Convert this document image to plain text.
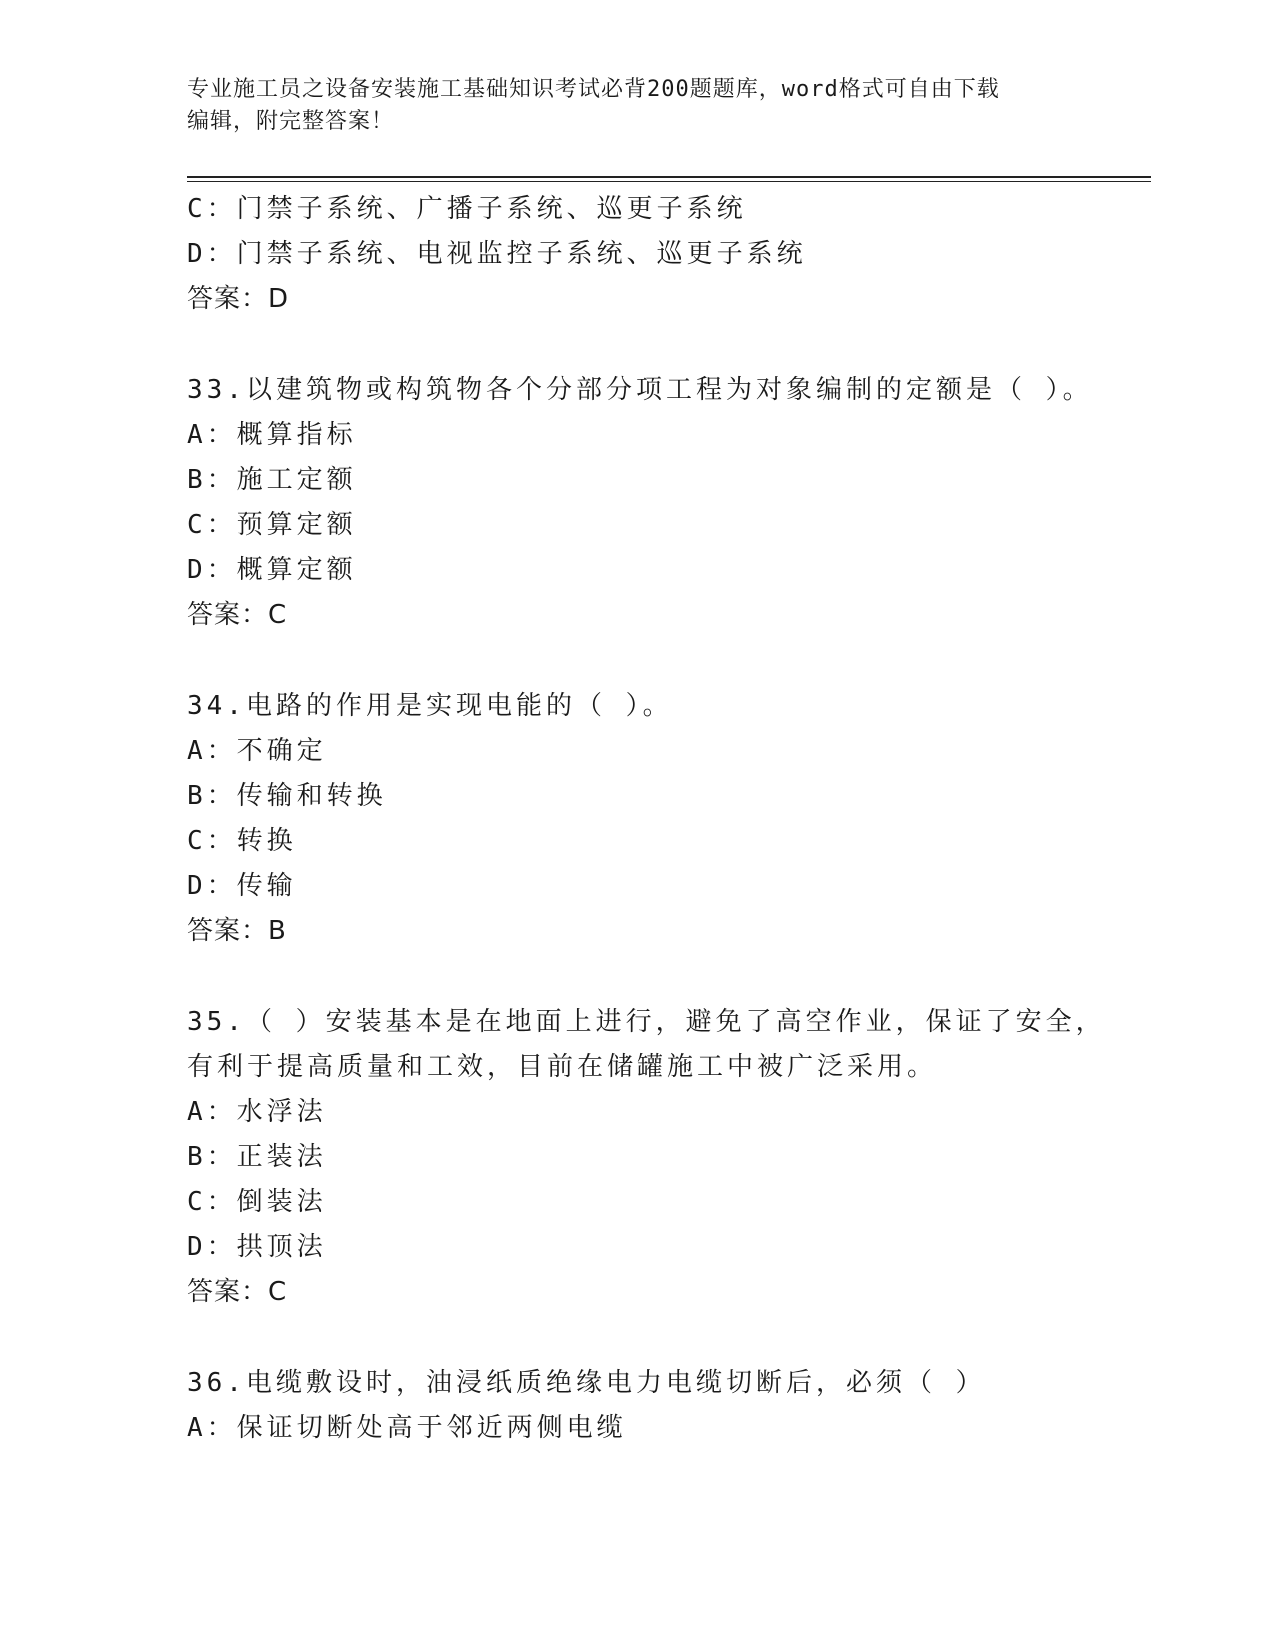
专业施工员之设备安装施工基础知识考试必背200题题库，word格式可自由下载
编辑，附完整答案！
C：门禁子系统、广播子系统、巡更子系统
D：门禁子系统、电视监控子系统、巡更子系统
答案：D
33.以建筑物或构筑物各个分部分项工程为对象编制的定额是（ ）。
A：概算指标
B：施工定额
C：预算定额
D：概算定额
答案：C
34.电路的作用是实现电能的（ ）。
A：不确定
B：传输和转换
C：转换
D：传输
答案：B
35.（ ）安装基本是在地面上进行，避免了高空作业，保证了安全，
有利于提高质量和工效，目前在储罐施工中被广泛采用。
A：水浮法
B：正装法
C：倒装法
D：拱顶法
答案：C
36.电缆敷设时，油浸纸质绝缘电力电缆切断后，必须（ ）
A：保证切断处高于邻近两侧电缆
